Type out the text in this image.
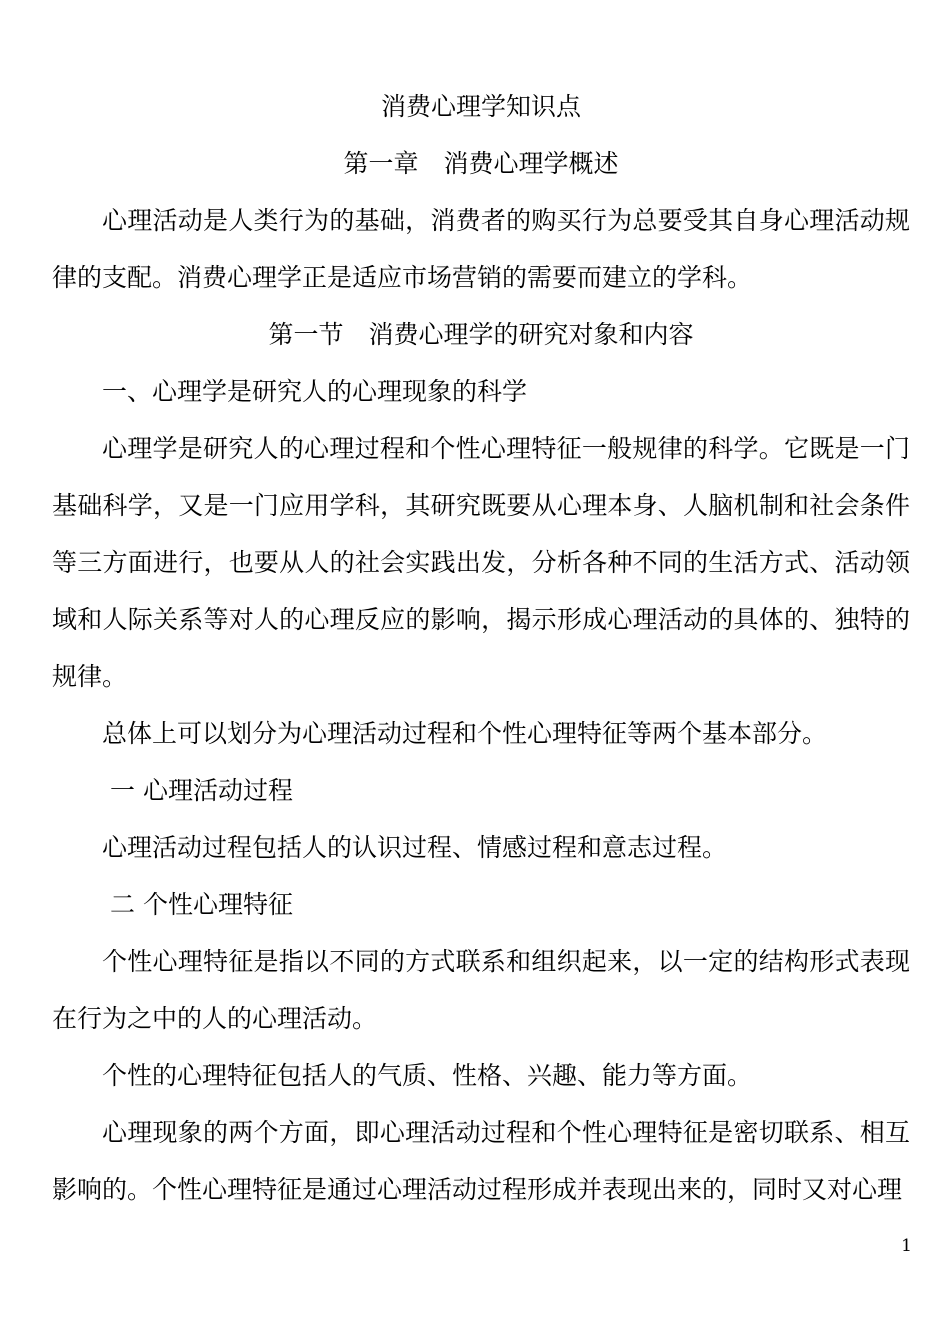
消费心理学知识点

第一章　消费心理学概述

心理活动是人类行为的基础，消费者的购买行为总要受其自身心理活动规律的支配。消费心理学正是适应市场营销的需要而建立的学科。

第一节　消费心理学的研究对象和内容

一、心理学是研究人的心理现象的科学

心理学是研究人的心理过程和个性心理特征一般规律的科学。它既是一门基础科学，又是一门应用学科，其研究既要从心理本身、人脑机制和社会条件等三方面进行，也要从人的社会实践出发，分析各种不同的生活方式、活动领域和人际关系等对人的心理反应的影响，揭示形成心理活动的具体的、独特的规律。

总体上可以划分为心理活动过程和个性心理特征等两个基本部分。

一 心理活动过程

心理活动过程包括人的认识过程、情感过程和意志过程。

二 个性心理特征

个性心理特征是指以不同的方式联系和组织起来，以一定的结构形式表现在行为之中的人的心理活动。

个性的心理特征包括人的气质、性格、兴趣、能力等方面。

心理现象的两个方面，即心理活动过程和个性心理特征是密切联系、相互影响的。个性心理特征是通过心理活动过程形成并表现出来的，同时又对心理

1
